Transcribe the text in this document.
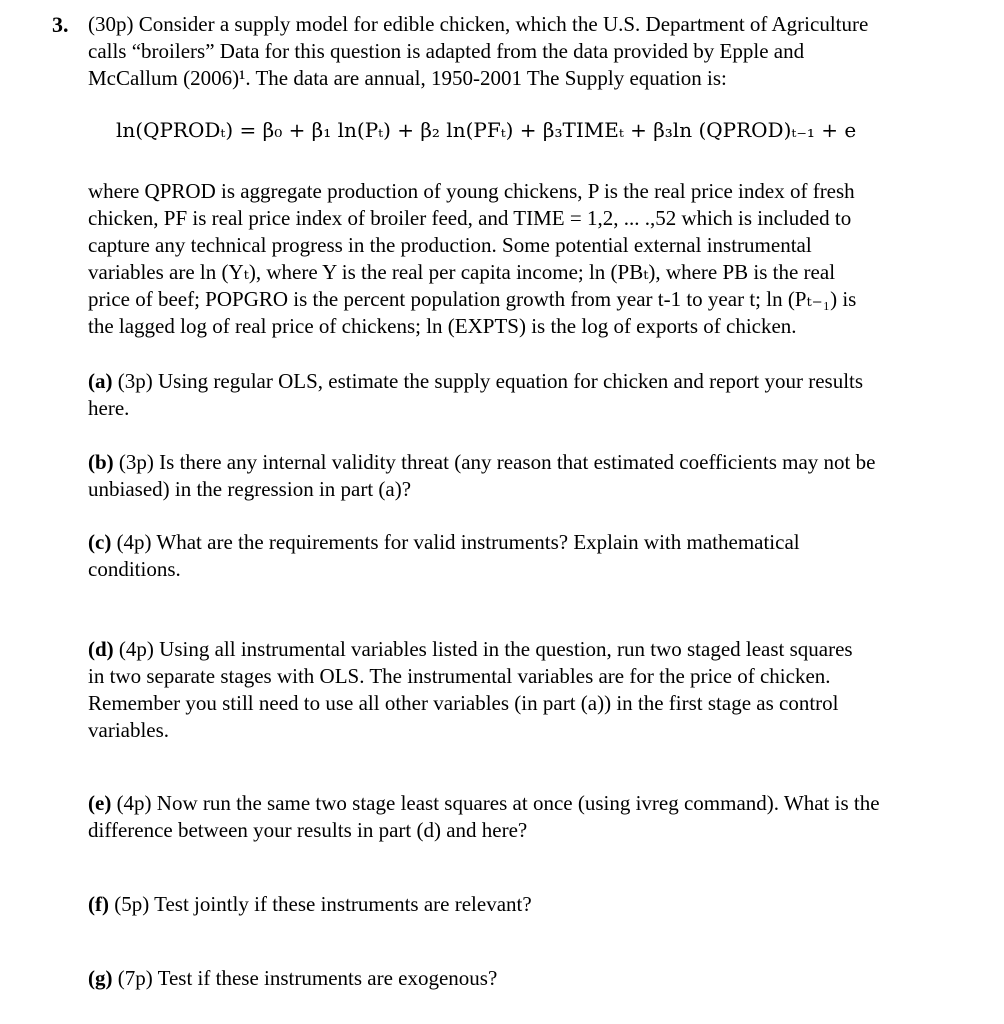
3. (30p) Consider a supply model for edible chicken, which the U.S. Department of Agriculture
calls “broilers” Data for this question is adapted from the data provided by Epple and
McCallum (2006)¹. The data are annual, 1950-2001 The Supply equation is:
ln(QPRODₜ) = β₀ + β₁ ln(Pₜ) + β₂ ln(PFₜ) + β₃TIMEₜ + β₃ln (QPROD)ₜ₋₁ + e
where QPROD is aggregate production of young chickens, P is the real price index of fresh
chicken, PF is real price index of broiler feed, and TIME = 1,2, ... .,52 which is included to
capture any technical progress in the production. Some potential external instrumental
variables are ln (Yₜ), where Y is the real per capita income; ln (PBₜ), where PB is the real
price of beef; POPGRO is the percent population growth from year t-1 to year t; ln (Pₜ₋₁) is
the lagged log of real price of chickens; ln (EXPTS) is the log of exports of chicken.
(a) (3p) Using regular OLS, estimate the supply equation for chicken and report your results
here.
(b) (3p) Is there any internal validity threat (any reason that estimated coefficients may not be
unbiased) in the regression in part (a)?
(c) (4p) What are the requirements for valid instruments? Explain with mathematical
conditions.
(d) (4p) Using all instrumental variables listed in the question, run two staged least squares
in two separate stages with OLS. The instrumental variables are for the price of chicken.
Remember you still need to use all other variables (in part (a)) in the first stage as control
variables.
(e) (4p) Now run the same two stage least squares at once (using ivreg command). What is the
difference between your results in part (d) and here?
(f) (5p) Test jointly if these instruments are relevant?
(g) (7p) Test if these instruments are exogenous?
